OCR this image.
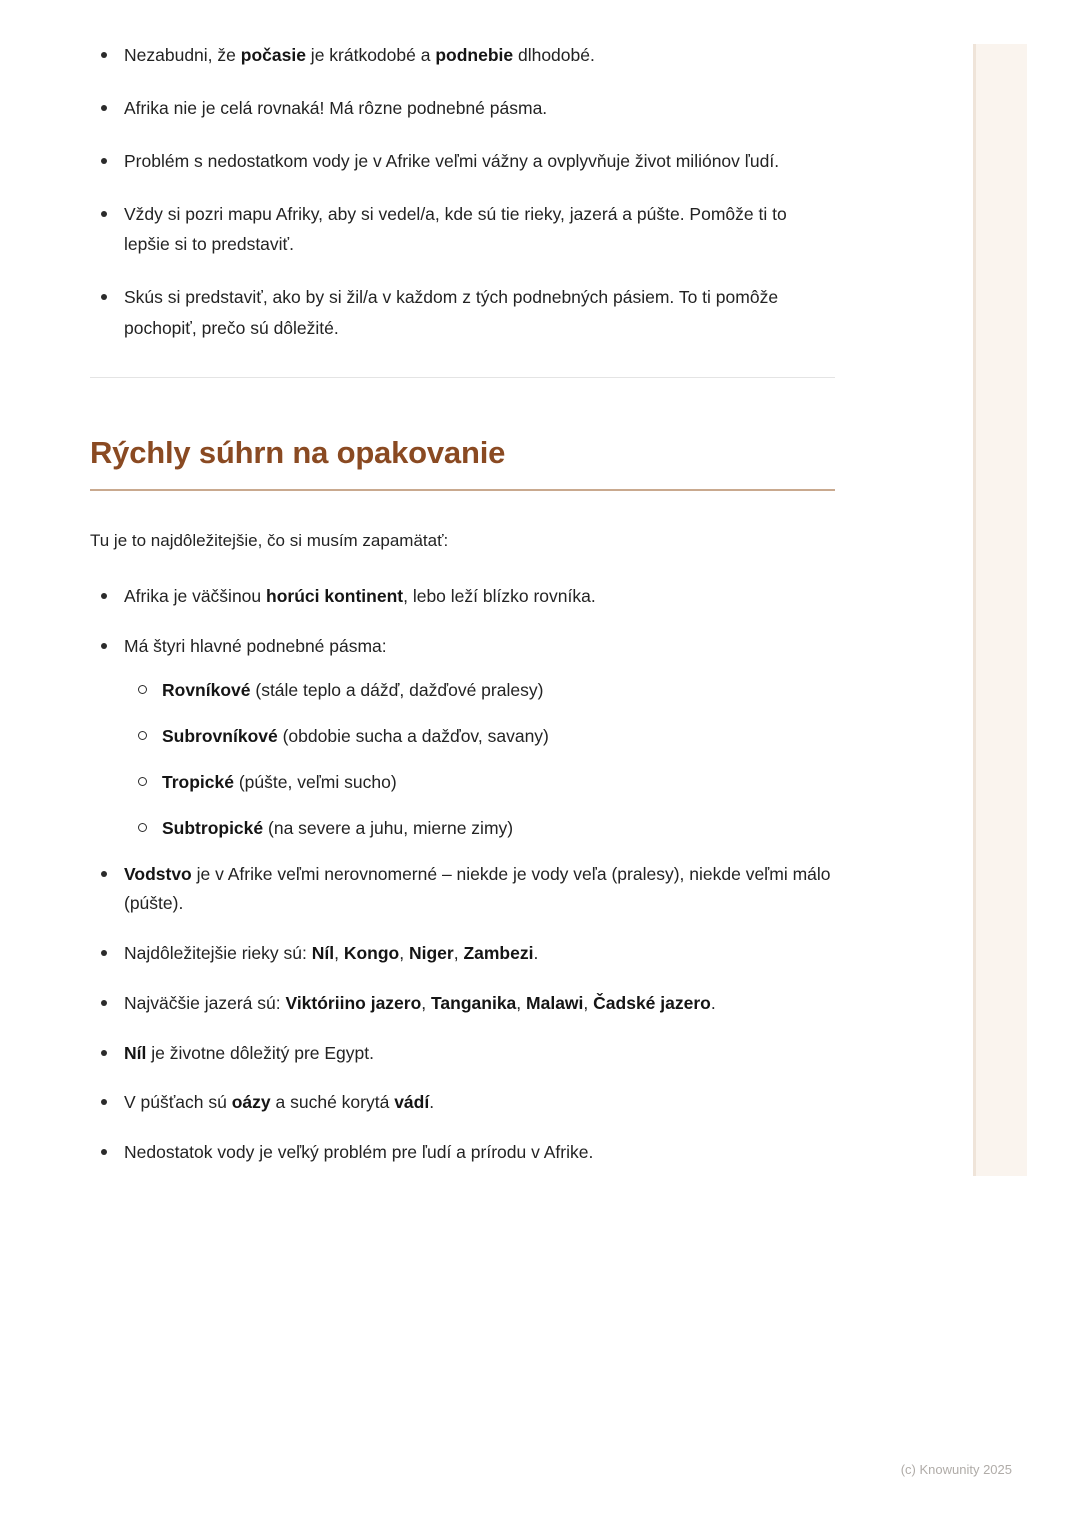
Nezabudni, že počasie je krátkodobé a podnebie dlhodobé.
Afrika nie je celá rovnaká! Má rôzne podnebné pásma.
Problém s nedostatkom vody je v Afrike veľmi vážny a ovplyvňuje život miliónov ľudí.
Vždy si pozri mapu Afriky, aby si vedel/a, kde sú tie rieky, jazerá a púšte. Pomôže ti to lepšie si to predstaviť.
Skús si predstaviť, ako by si žil/a v každom z tých podnebných pásiem. To ti pomôže pochopiť, prečo sú dôležité.
Rýchly súhrn na opakovanie

Tu je to najdôležitejšie, čo si musím zapamätať:

Afrika je väčšinou horúci kontinent, lebo leží blízko rovníka.
Má štyri hlavné podnebné pásma:
Rovníkové (stále teplo a dážď, dažďové pralesy)
Subrovníkové (obdobie sucha a dažďov, savany)
Tropické (púšte, veľmi sucho)
Subtropické (na severe a juhu, mierne zimy)
Vodstvo je v Afrike veľmi nerovnomerné – niekde je vody veľa (pralesy), niekde veľmi málo (púšte).
Najdôležitejšie rieky sú: Níl, Kongo, Niger, Zambezi.
Najväčšie jazerá sú: Viktóriino jazero, Tanganika, Malawi, Čadské jazero.
Níl je životne dôležitý pre Egypt.
V púšťach sú oázy a suché korytá vádí.
Nedostatok vody je veľký problém pre ľudí a prírodu v Afrike.
(c) Knowunity 2025
